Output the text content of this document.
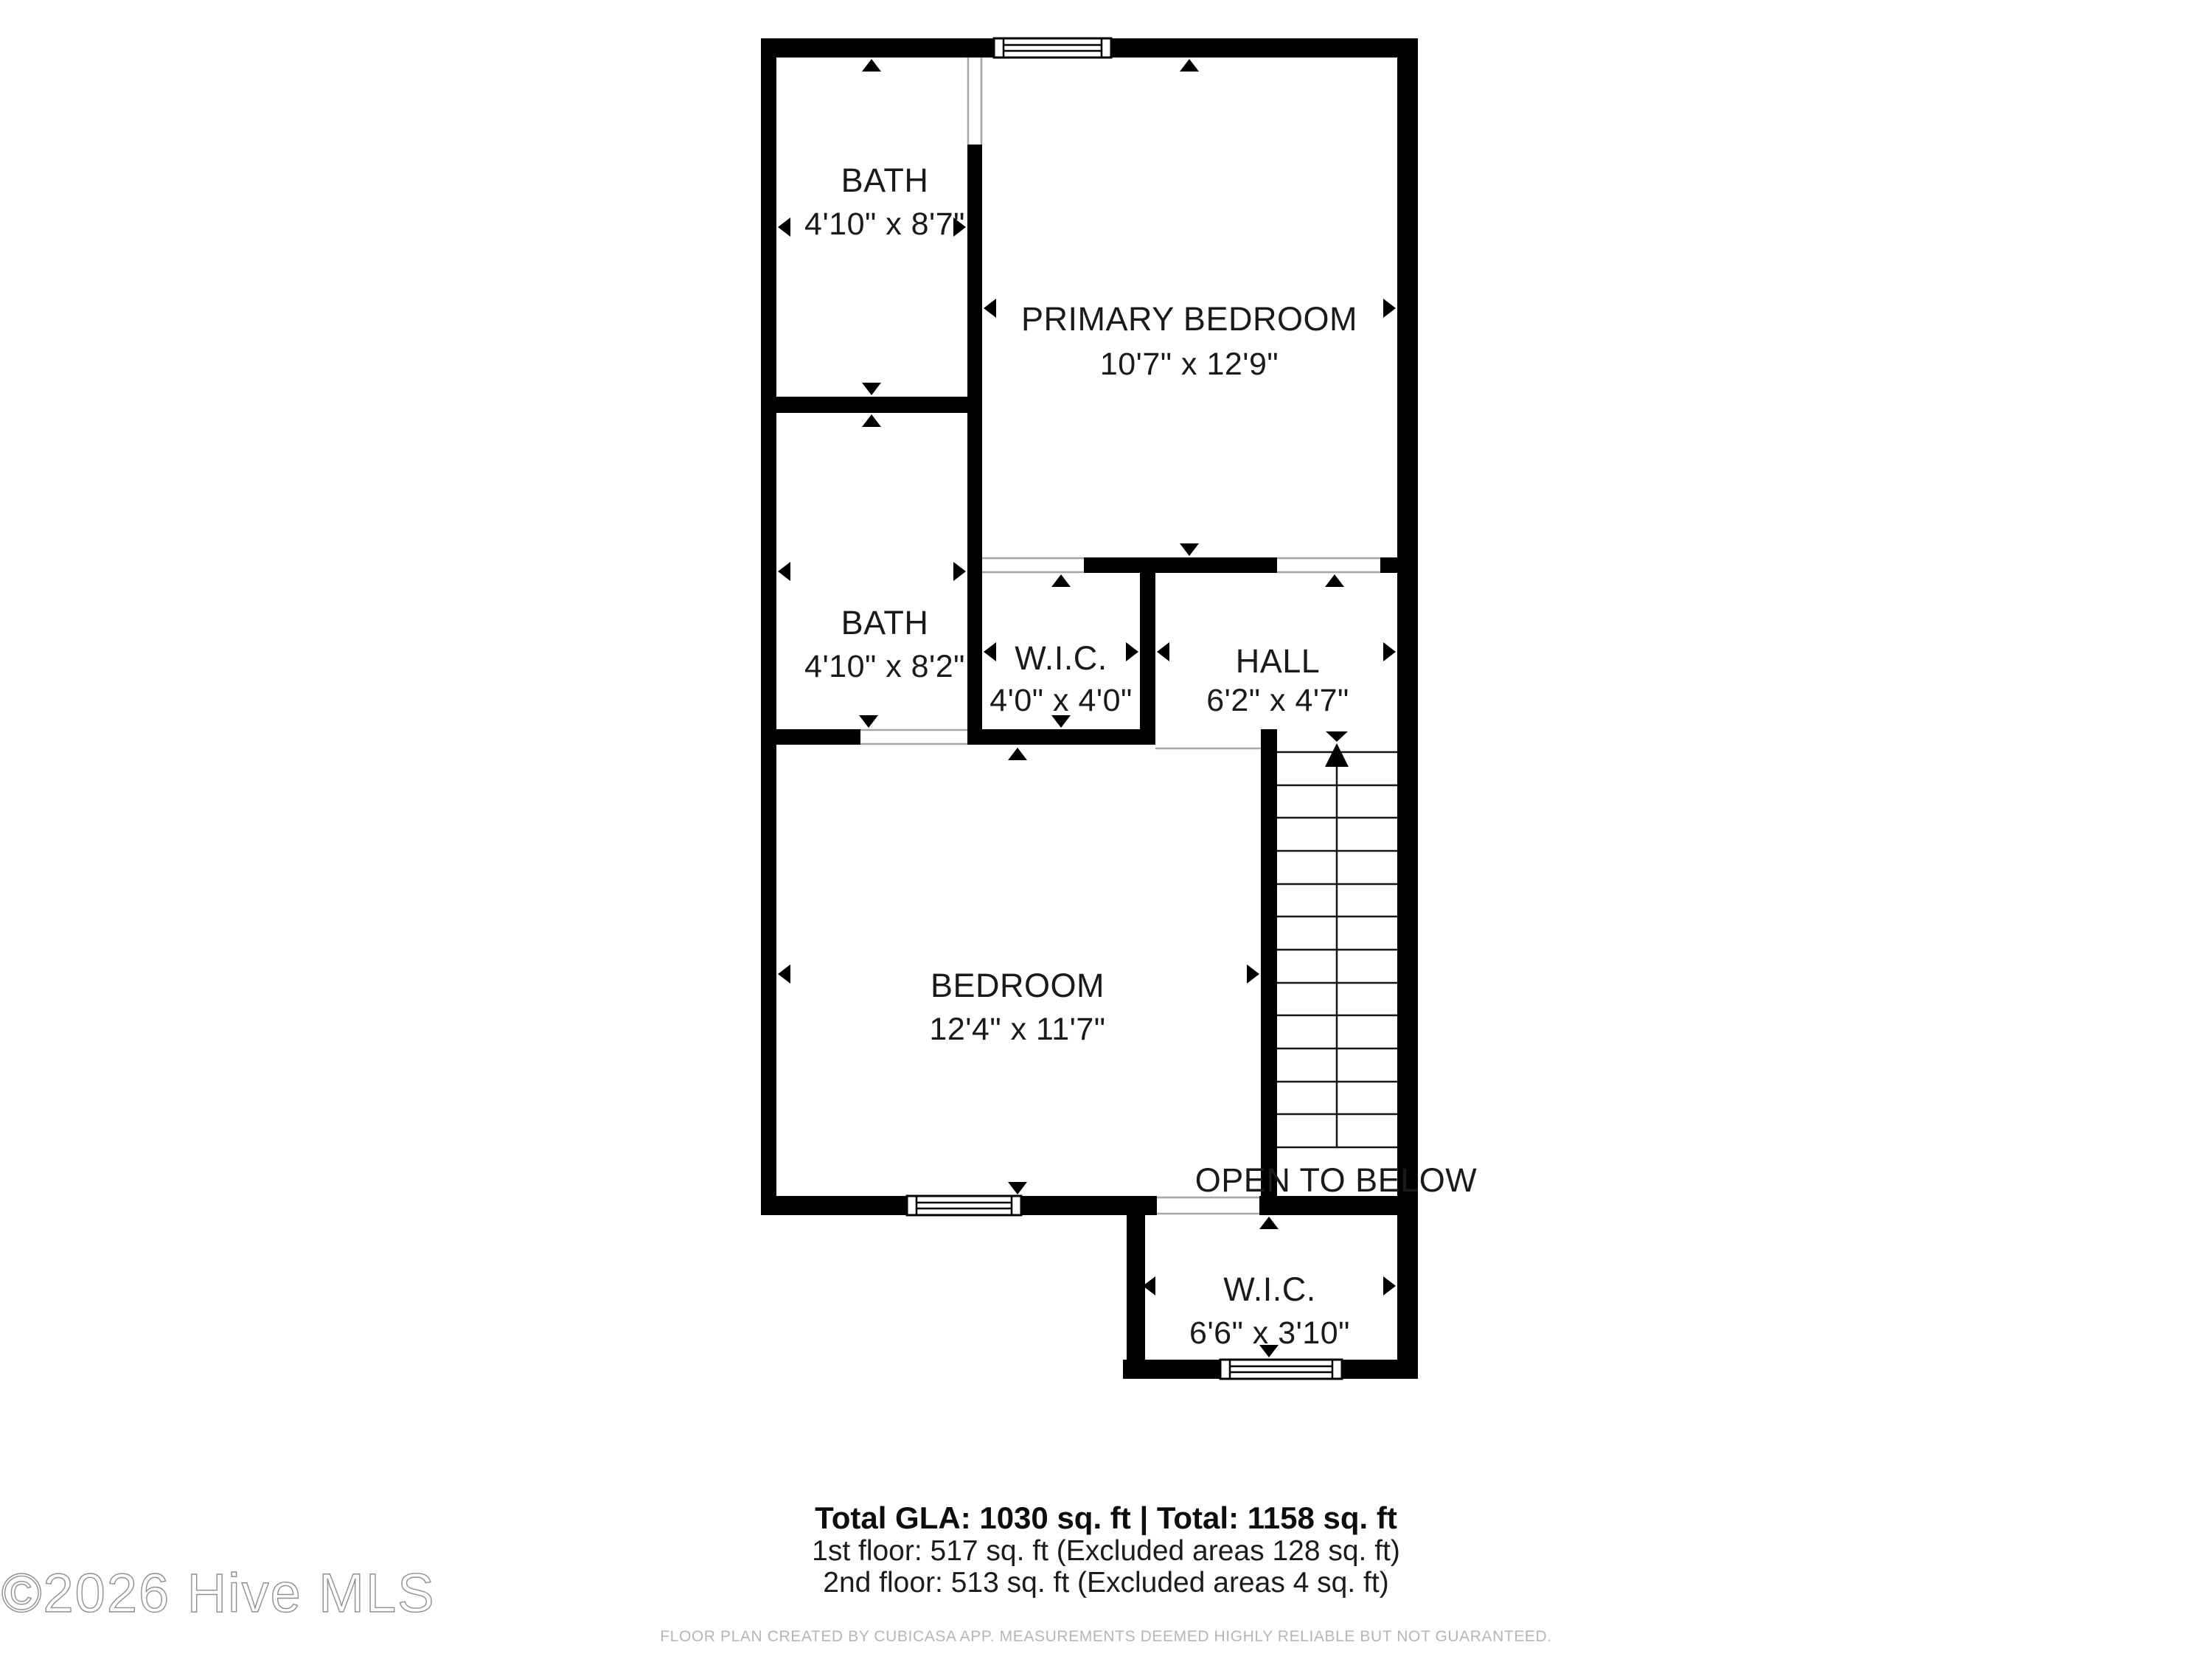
BATH
4'10" x 8'7"
PRIMARY BEDROOM
10'7" x 12'9"
BATH
4'10" x 8'2" W.I.C.
4'0" x 4'0"
HALL
6'2" x 4'7"
BEDROOM
12'4" x 11'7"
OPEN TO BELOW
W.I.C.
6'6" x 3'10"
Total GLA: 1030 sq. ft | Total: 1158 sq. ft
1st floor: 517 sq. ft (Excluded areas 128 sq. ft)
2nd floor: 513 sq. ft (Excluded areas 4 sq. ft)
FLOOR PLAN CREATED BY CUBICASA APP. MEASUREMENTS DEEMED HIGHLY RELIABLE BUT NOT GUARANTEED.
©2026 Hive MLS
